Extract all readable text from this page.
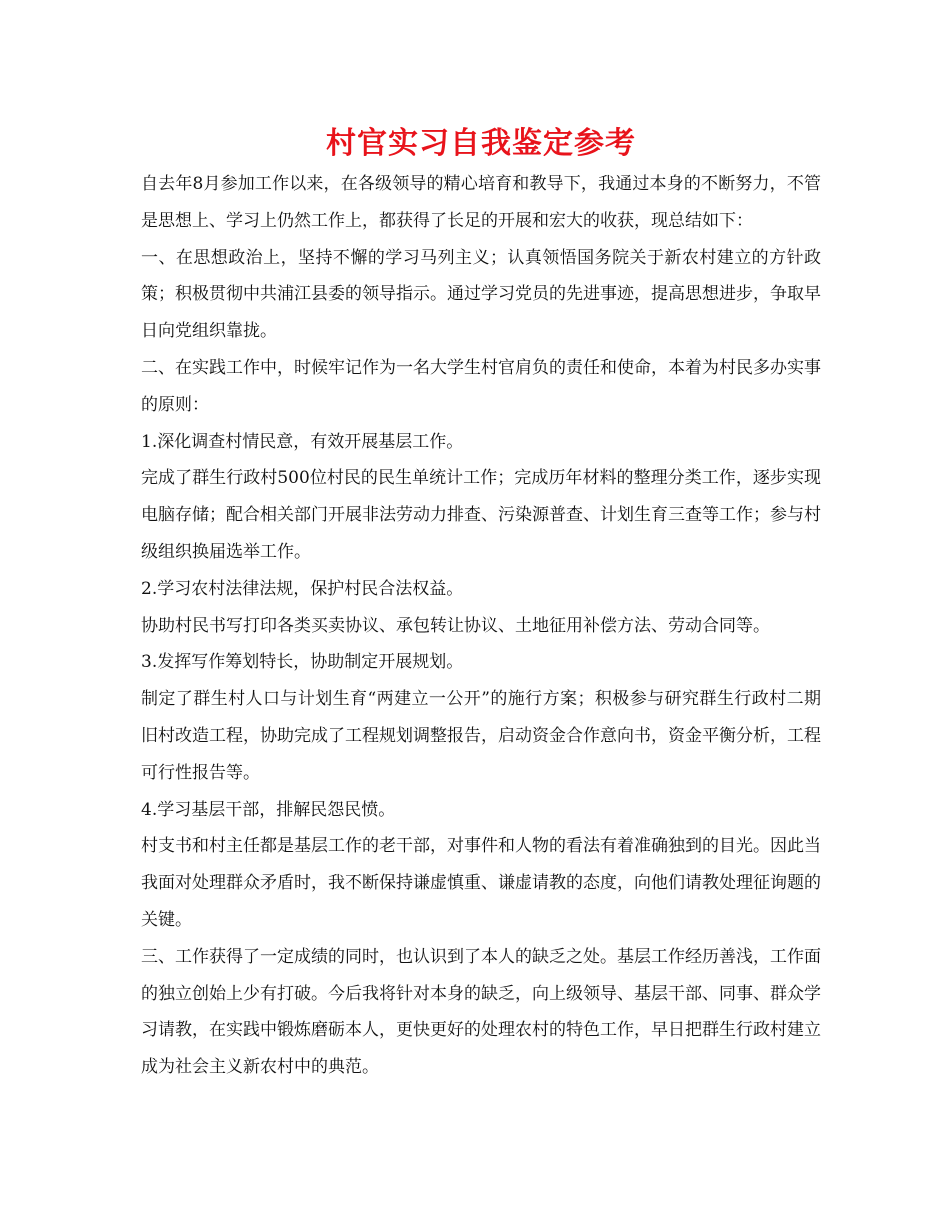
村官实习自我鉴定参考

自去年8月参加工作以来，在各级领导的精心培育和教导下，我通过本身的不断努力，不管是思想上、学习上仍然工作上，都获得了长足的开展和宏大的收获，现总结如下：

一、在思想政治上，坚持不懈的学习马列主义；认真领悟国务院关于新农村建立的方针政策；积极贯彻中共浦江县委的领导指示。通过学习党员的先进事迹，提高思想进步，争取早日向党组织靠拢。

二、在实践工作中，时候牢记作为一名大学生村官肩负的责任和使命，本着为村民多办实事的原则：

1.深化调查村情民意，有效开展基层工作。

完成了群生行政村500位村民的民生单统计工作；完成历年材料的整理分类工作，逐步实现电脑存储；配合相关部门开展非法劳动力排查、污染源普查、计划生育三查等工作；参与村级组织换届选举工作。

2.学习农村法律法规，保护村民合法权益。

协助村民书写打印各类买卖协议、承包转让协议、土地征用补偿方法、劳动合同等。

3.发挥写作筹划特长，协助制定开展规划。

制定了群生村人口与计划生育“两建立一公开”的施行方案；积极参与研究群生行政村二期旧村改造工程，协助完成了工程规划调整报告，启动资金合作意向书，资金平衡分析，工程可行性报告等。

4.学习基层干部，排解民怨民愤。

村支书和村主任都是基层工作的老干部，对事件和人物的看法有着准确独到的目光。因此当我面对处理群众矛盾时，我不断保持谦虚慎重、谦虚请教的态度，向他们请教处理征询题的关键。

三、工作获得了一定成绩的同时，也认识到了本人的缺乏之处。基层工作经历善浅，工作面的独立创始上少有打破。今后我将针对本身的缺乏，向上级领导、基层干部、同事、群众学习请教，在实践中锻炼磨砺本人，更快更好的处理农村的特色工作，早日把群生行政村建立成为社会主义新农村中的典范。
